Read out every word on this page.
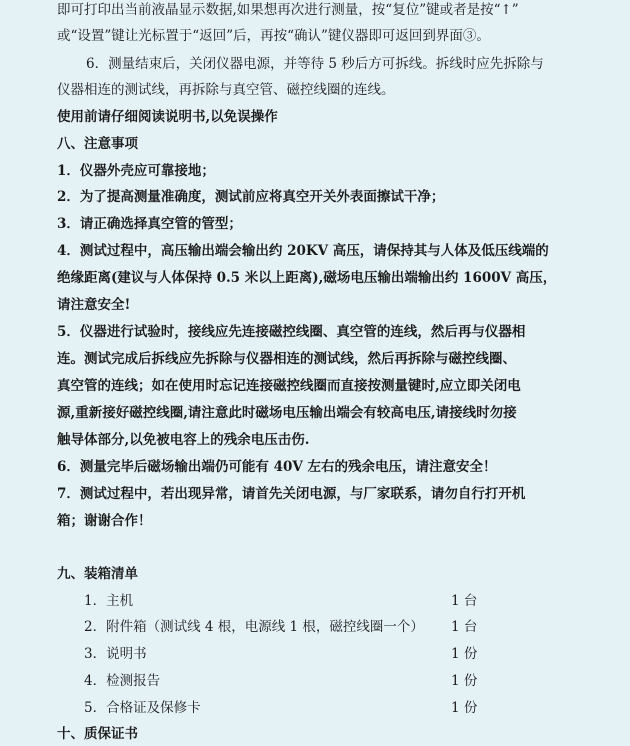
即可打印出当前液晶显示数据,如果想再次进行测量，按“复位”键或者是按“↑”
或“设置”键让光标置于“返回”后，再按“确认”键仪器即可返回到界面③。
6．测量结束后，关闭仪器电源，并等待 5 秒后方可拆线。拆线时应先拆除与
仪器相连的测试线，再拆除与真空管、磁控线圈的连线。
使用前请仔细阅读说明书,以免误操作
八、注意事项
1．仪器外壳应可靠接地；
2．为了提高测量准确度，测试前应将真空开关外表面擦试干净；
3．请正确选择真空管的管型；
4．测试过程中，高压输出端会输出约 20KV 高压，请保持其与人体及低压线端的
绝缘距离(建议与人体保持 0.5 米以上距离),磁场电压输出端输出约 1600V 高压，
请注意安全!
5．仪器进行试验时，接线应先连接磁控线圈、真空管的连线，然后再与仪器相
连。测试完成后拆线应先拆除与仪器相连的测试线，然后再拆除与磁控线圈、
真空管的连线；如在使用时忘记连接磁控线圈而直接按测量键时,应立即关闭电
源,重新接好磁控线圈,请注意此时磁场电压输出端会有较高电压,请接线时勿接
触导体部分,以免被电容上的残余电压击伤.
6．测量完毕后磁场输出端仍可能有 40V 左右的残余电压，请注意安全！
7．测试过程中，若出现异常，请首先关闭电源，与厂家联系，请勿自行打开机
箱；谢谢合作！
九、装箱清单
1．主机	1 台
2．附件箱（测试线 4 根，电源线 1 根，磁控线圈一个） 1 台
3．说明书	1 份
4．检测报告	1 份
5．合格证及保修卡	1 份
十、质保证书
